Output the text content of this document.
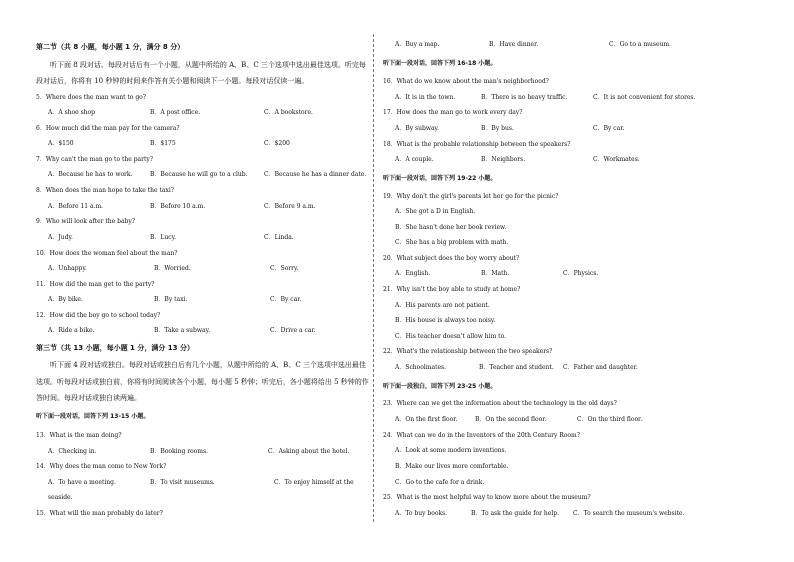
第二节（共 8 小题，每小题 1 分，满分 8 分）
听下面 8 段对话。每段对话后有一个小题，从题中所给的 A、B、C 三个选项中选出最佳选项。听完每
段对话后，你将有 10 秒钟的时间来作答有关小题和阅读下一小题。每段对话仅读一遍。
5．Where does the man want to go?
A．A shoe shop	B．A post office.	C．A bookstore.
6．How much did the man pay for the camera?
A．$150	B．$175	C．$200
7．Why can't the man go to the party?
A．Because he has to work.	B．Because he will go to a club.	C．Because he has a dinner date.
8．When does the man hope to take the taxi?
A．Before 11 a.m.	B．Before 10 a.m.	C．Before 9 a.m.
9．Who will look after the baby?
A．Judy.	B．Lucy.	C．Linda.
10．How does the woman feel about the man?
A．Unhappy.	B．Worried.	C．Sorry.
11．How did the man get to the party?
A．By bike.	B．By taxi.	C．By car.
12．How did the boy go to school today?
A．Ride a bike.	B．Take a subway.	C．Drive a car.
第三节（共 13 小题，每小题 1 分，满分 13 分）
听下面 4 段对话或独白。每段对话或独白后有几个小题，从题中所给的 A、B、C 三个选项中选出最佳
选项。听每段对话或独白前，你将有时间阅读各个小题，每小题 5 秒钟；听完后，各小题将给出 5 秒钟的作
答时间。每段对话或独白读两遍。
听下面一段对话，回答下列 13-15 小题。
13．What is the man doing?
A．Checking in.	B．Booking rooms.	C．Asking about the hotel.
14．Why does the man come to New York?
A．To have a meeting.	B．To visit museums.	C．To enjoy himself at the
seaside.
15．What will the man probably do later?
A．Buy a map.	B．Have dinner.	C．Go to a museum.
听下面一段对话，回答下列 16-18 小题。
16．What do we know about the man's neighborhood?
A．It is in the town.	B．There is no heavy traffic.	C．It is not convenient for stores.
17．How does the man go to work every day?
A．By subway.	B．By bus.	C．By car.
18．What is the probable relationship between the speakers?
A．A couple.	B．Neighbors.	C．Workmates.
听下面一段对话，回答下列 19-22 小题。
19．Why don't the girl's parents let her go for the picnic?
A．She got a D in English.
B．She hasn't done her book review.
C．She has a big problem with math.
20．What subject does the boy worry about?
A．English.	B．Math.	C．Physics.
21．Why isn't the boy able to study at home?
A．His parents are not patient.
B．His house is always too noisy.
C．His teacher doesn't allow him to.
22．What's the relationship between the two speakers?
A．Schoolmates.	B．Teacher and student. C．Father and daughter.
听下面一段独白，回答下列 23-25 小题。
23．Where can we get the information about the technology in the old days?
A．On the first floor.	B．On the second floor.	C．On the third floor.
24．What can we do in the Inventors of the 20th Century Room?
A．Look at some modern inventions.
B．Make our lives more comfortable.
C．Go to the cafe for a drink.
25．What is the most helpful way to know more about the museum?
A．To buy books.	B．To ask the guide for help. C．To search the museum's website.
